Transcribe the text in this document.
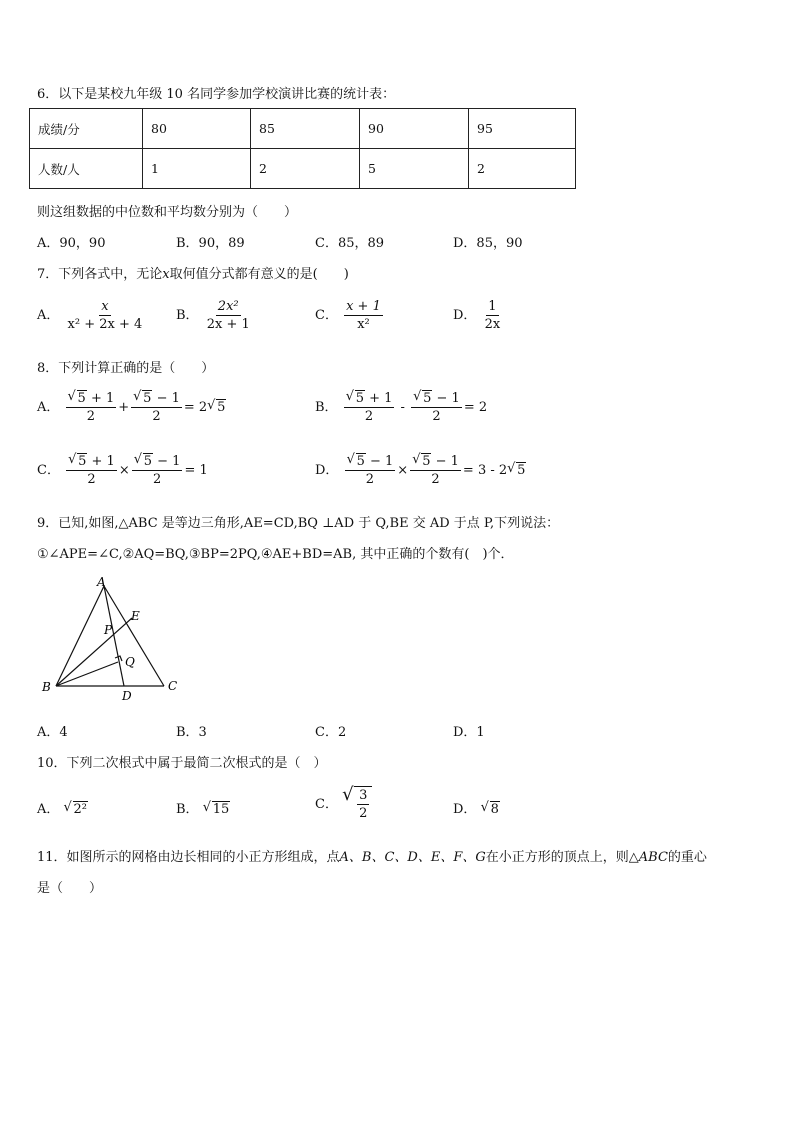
6．以下是某校九年级 10 名同学参加学校演讲比赛的统计表：
成绩/分	80	85	90	95
人数/人	1	2	5	2
则这组数据的中位数和平均数分别为（　　）
A．90，90	B．90，89	C．85，89	D．85，90
7．下列各式中，无论x取何值分式都有意义的是(　　)
A． $\frac{x}{\text{x² + 2x + 4}}$ B． $\frac{\text{2x²}}{2x + 1}$	C． $\frac{x + 1}{\text{x²}}$	D． $\frac{1}{2x}$
8．下列计算正确的是（　　）
A． √ $\frac{5 + 1}{2}$ + √ $\frac{5 - 1}{2} = 2$ √ 5	B． √ $\frac{5 + 1}{2}$ - √ $\frac{5 - 1}{2} = 2$
C． √ $\frac{5 + 1}{2}$ × √ $\frac{5 - 1}{2} = 1$	D． √ $\frac{5 - 1}{2}$ × √ $\frac{5 - 1}{2} = 3 - 2$ √ 5
9．已知,如图,△ABC 是等边三角形,AE=CD,BQ ⊥AD 于 Q,BE 交 AD 于点 P,下列说法：
①∠APE=∠C,②AQ=BQ,③BP=2PQ,④AE+BD=AB, 其中正确的个数有(　)个．
A
B	C
D
E
P
Q
A．4	B．3	C．2	D．1
10．下列二次根式中属于最简二次根式的是（　）
A． √ 2²	B． √ 15	C． √ $\frac{3}{2}$	D． √ 8
11．如图所示的网格由边长相同的小正方形组成，点A、B、C、D、E、F、G在小正方形的顶点上，则△ABC的重心
是（　　）
